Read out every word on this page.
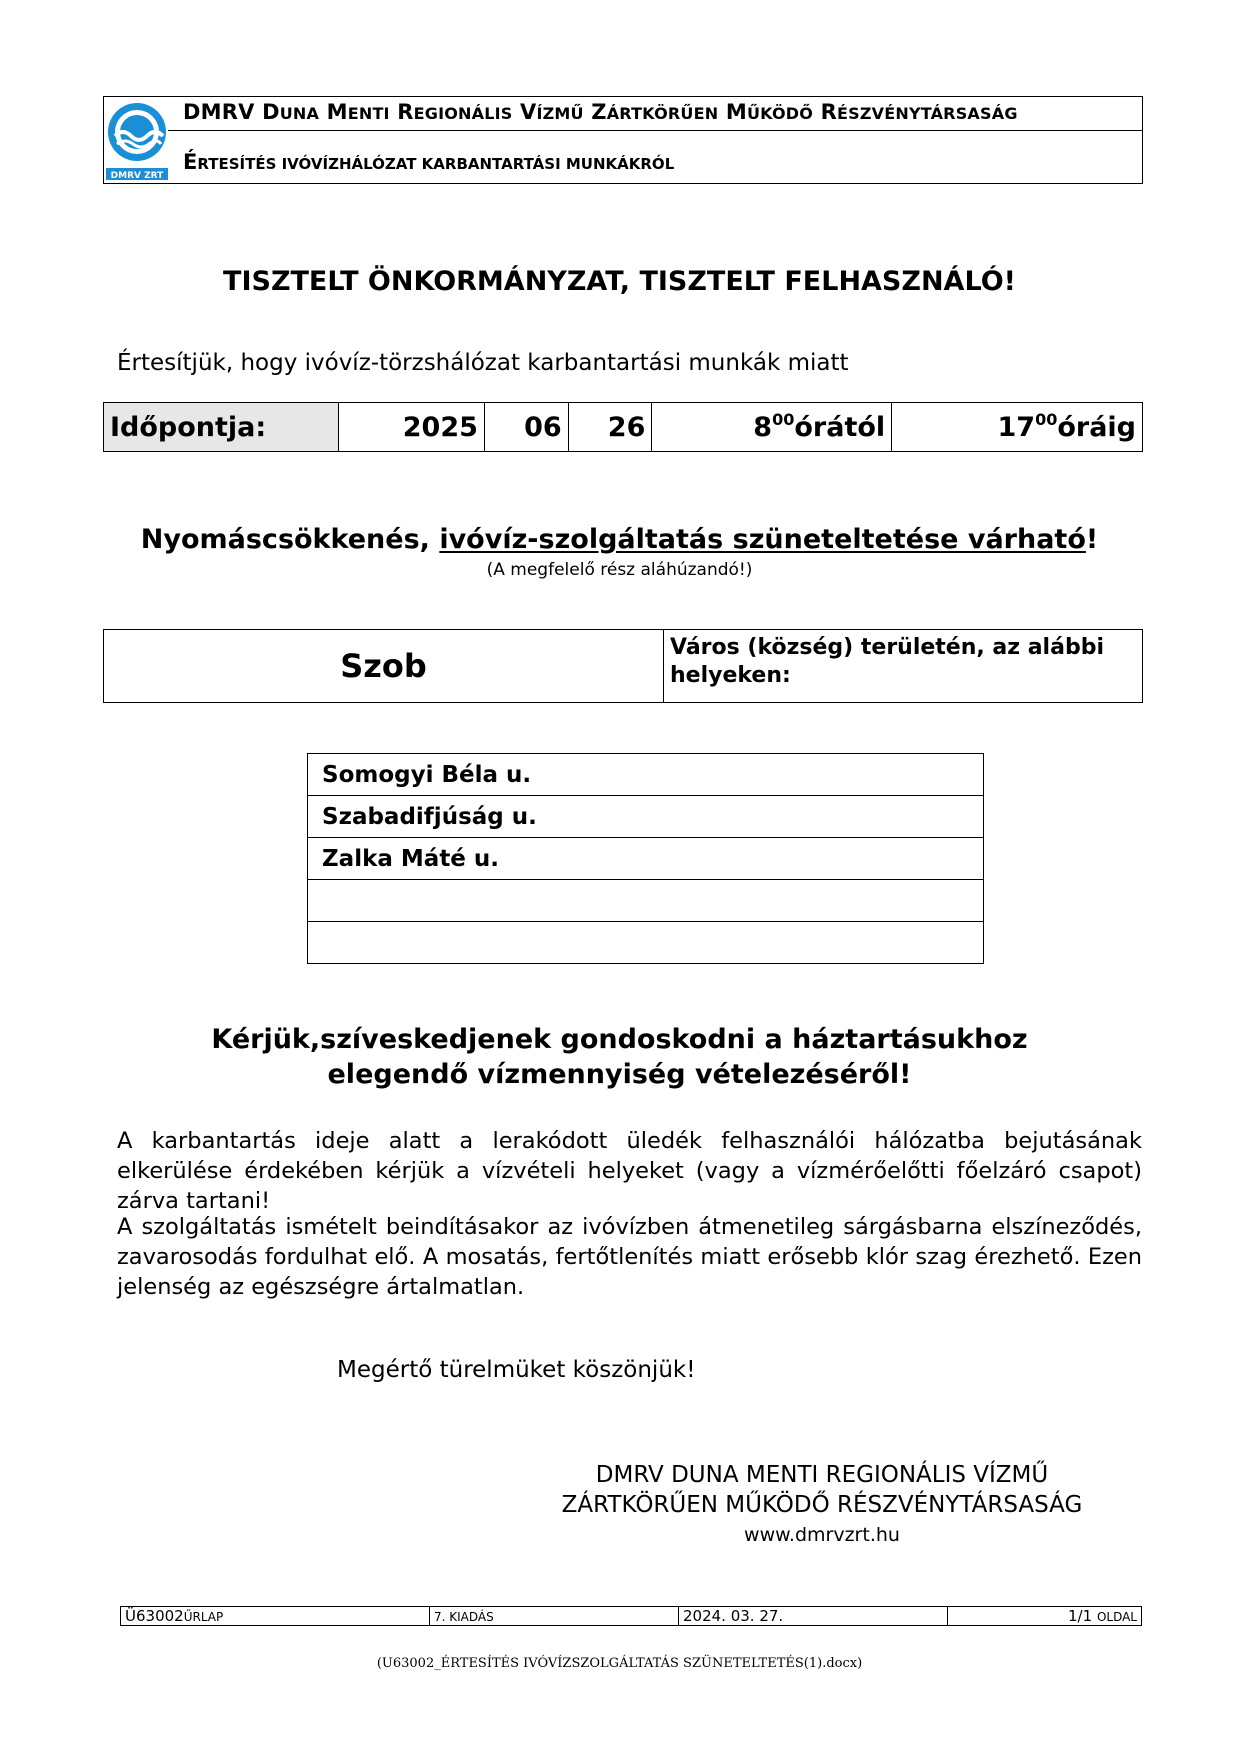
DMRV ZRT
DMRV DUNA MENTI REGIONÁLIS VÍZMŰ ZÁRTKÖRŰEN MŰKÖDŐ RÉSZVÉNYTÁRSASÁG
ÉRTESÍTÉS IVÓVÍZHÁLÓZAT KARBANTARTÁSI MUNKÁKRÓL
TISZTELT ÖNKORMÁNYZAT, TISZTELT FELHASZNÁLÓ!
Értesítjük, hogy ivóvíz-törzshálózat karbantartási munkák miatt
Időpontja:	2025	06	26	$8^{00}órától$	$17^{00}óráig$
Nyomáscsökkenés, ivóvíz-szolgáltatás szüneteltetése várható!
(A megfelelő rész aláhúzandó!)
Szob	Város (község) területén, az alábbi helyeken:
Somogyi Béla u.
Szabadifjúság u.
Zalka Máté u.

Kérjük,szíveskedjenek gondoskodni a háztartásukhoz
elegendő vízmennyiség vételezéséről!
A karbantartás ideje alatt a lerakódott üledék felhasználói hálózatba bejutásának elkerülése érdekében kérjük a vízvételi helyeket (vagy a vízmérőelőtti főelzáró csapot) zárva tartani!
A szolgáltatás ismételt beindításakor az ivóvízben átmenetileg sárgásbarna elszíneződés, zavarosodás fordulhat elő. A mosatás, fertőtlenítés miatt erősebb klór szag érezhető. Ezen jelenség az egészségre ártalmatlan.
Megértő türelmüket köszönjük!
DMRV DUNA MENTI REGIONÁLIS VÍZMŰ
ZÁRTKÖRŰEN MŰKÖDŐ RÉSZVÉNYTÁRSASÁG
www.dmrvzrt.hu
Ü63002ŰRLAP	7. KIADÁS	2024. 03. 27.	1/1 OLDAL
(U63002_ÉRTESÍTÉS IVÓVÍZSZOLGÁLTATÁS SZÜNETELTETÉS(1).docx)
